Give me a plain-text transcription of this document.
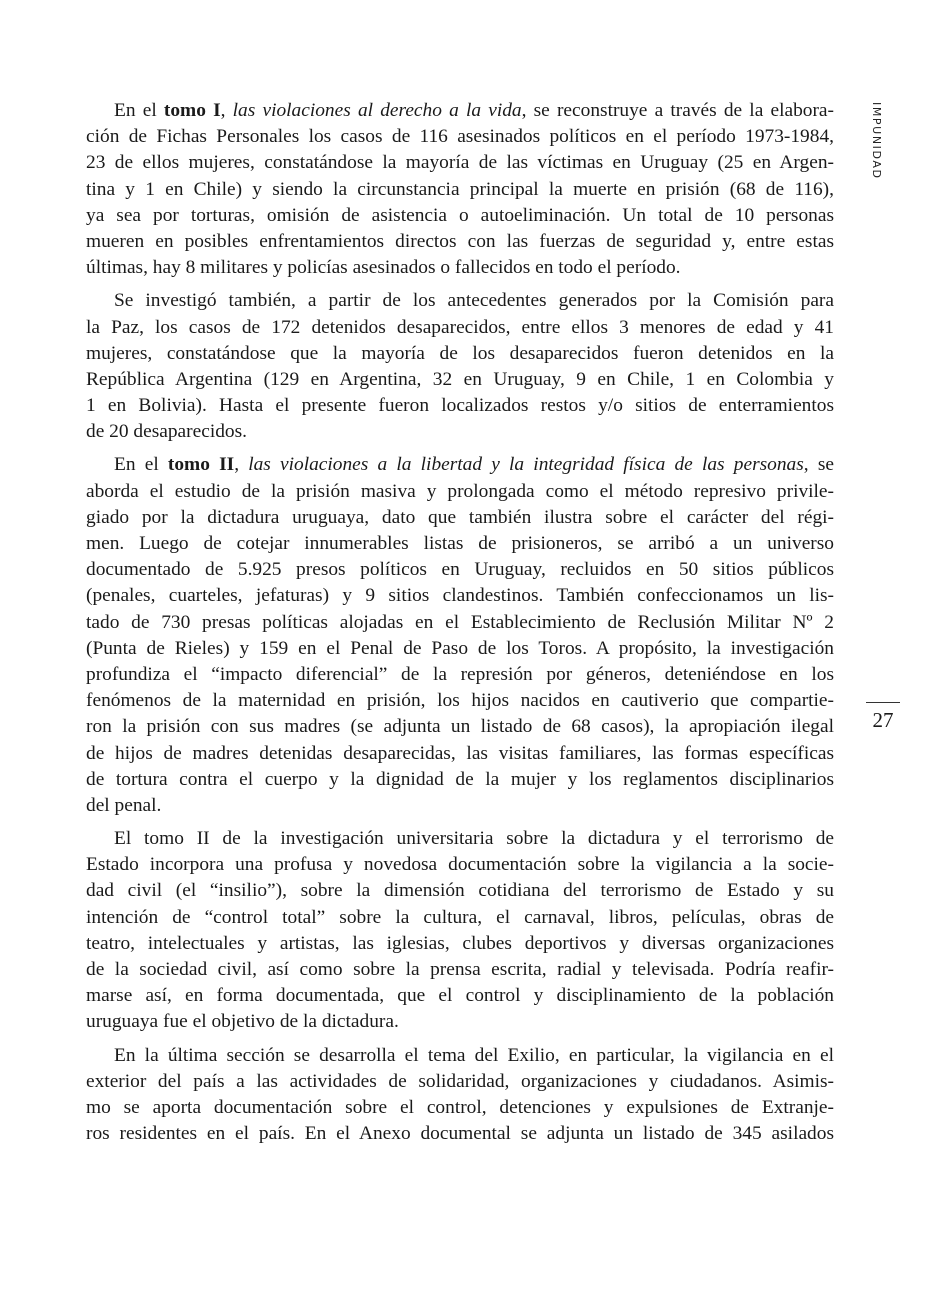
IMPUNIDAD
27
En el tomo I, las violaciones al derecho a la vida, se reconstruye a través de la elabora-
ción de Fichas Personales los casos de 116 asesinados políticos en el período 1973-1984,
23 de ellos mujeres, constatándose la mayoría de las víctimas en Uruguay (25 en Argen-
tina y 1 en Chile) y siendo la circunstancia principal la muerte en prisión (68 de 116),
ya sea por torturas, omisión de asistencia o autoeliminación. Un total de 10 personas
mueren en posibles enfrentamientos directos con las fuerzas de seguridad y, entre estas
últimas, hay 8 militares y policías asesinados o fallecidos en todo el período.
Se investigó también, a partir de los antecedentes generados por la Comisión para
la Paz, los casos de 172 detenidos desaparecidos, entre ellos 3 menores de edad y 41
mujeres, constatándose que la mayoría de los desaparecidos fueron detenidos en la
República Argentina (129 en Argentina, 32 en Uruguay, 9 en Chile, 1 en Colombia y
1 en Bolivia). Hasta el presente fueron localizados restos y/o sitios de enterramientos
de 20 desaparecidos.
En el tomo II, las violaciones a la libertad y la integridad física de las personas, se
aborda el estudio de la prisión masiva y prolongada como el método represivo privile-
giado por la dictadura uruguaya, dato que también ilustra sobre el carácter del régi-
men. Luego de cotejar innumerables listas de prisioneros, se arribó a un universo
documentado de 5.925 presos políticos en Uruguay, recluidos en 50 sitios públicos
(penales, cuarteles, jefaturas) y 9 sitios clandestinos. También confeccionamos un lis-
tado de 730 presas políticas alojadas en el Establecimiento de Reclusión Militar Nº 2
(Punta de Rieles) y 159 en el Penal de Paso de los Toros. A propósito, la investigación
profundiza el “impacto diferencial” de la represión por géneros, deteniéndose en los
fenómenos de la maternidad en prisión, los hijos nacidos en cautiverio que compartie-
ron la prisión con sus madres (se adjunta un listado de 68 casos), la apropiación ilegal
de hijos de madres detenidas desaparecidas, las visitas familiares, las formas específicas
de tortura contra el cuerpo y la dignidad de la mujer y los reglamentos disciplinarios
del penal.
El tomo II de la investigación universitaria sobre la dictadura y el terrorismo de
Estado incorpora una profusa y novedosa documentación sobre la vigilancia a la socie-
dad civil (el “insilio”), sobre la dimensión cotidiana del terrorismo de Estado y su
intención de “control total” sobre la cultura, el carnaval, libros, películas, obras de
teatro, intelectuales y artistas, las iglesias, clubes deportivos y diversas organizaciones
de la sociedad civil, así como sobre la prensa escrita, radial y televisada. Podría reafir-
marse así, en forma documentada, que el control y disciplinamiento de la población
uruguaya fue el objetivo de la dictadura.
En la última sección se desarrolla el tema del Exilio, en particular, la vigilancia en el
exterior del país a las actividades de solidaridad, organizaciones y ciudadanos. Asimis-
mo se aporta documentación sobre el control, detenciones y expulsiones de Extranje-
ros residentes en el país. En el Anexo documental se adjunta un listado de 345 asilados
